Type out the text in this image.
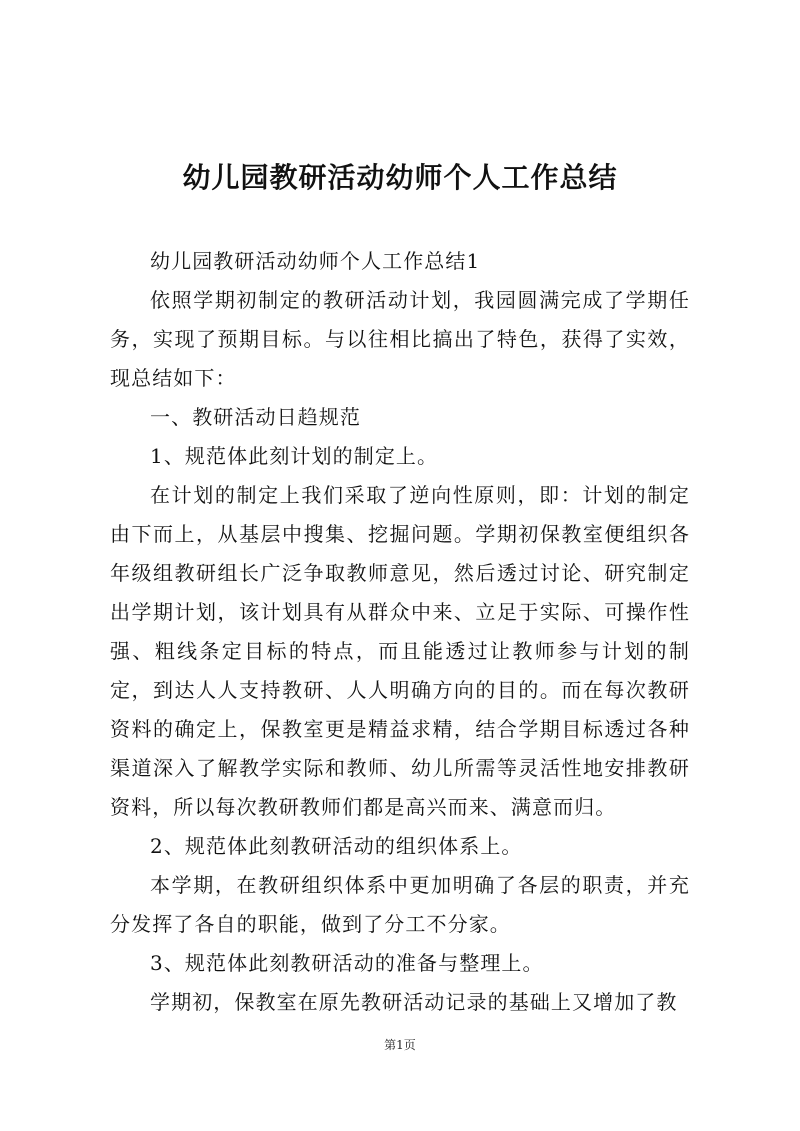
幼儿园教研活动幼师个人工作总结

幼儿园教研活动幼师个人工作总结1

依照学期初制定的教研活动计划，我园圆满完成了学期任务，实现了预期目标。与以往相比搞出了特色，获得了实效，现总结如下：

一、教研活动日趋规范

1、规范体此刻计划的制定上。

在计划的制定上我们采取了逆向性原则，即：计划的制定由下而上，从基层中搜集、挖掘问题。学期初保教室便组织各年级组教研组长广泛争取教师意见，然后透过讨论、研究制定出学期计划，该计划具有从群众中来、立足于实际、可操作性强、粗线条定目标的特点，而且能透过让教师参与计划的制定，到达人人支持教研、人人明确方向的目的。而在每次教研资料的确定上，保教室更是精益求精，结合学期目标透过各种渠道深入了解教学实际和教师、幼儿所需等灵活性地安排教研资料，所以每次教研教师们都是高兴而来、满意而归。

2、规范体此刻教研活动的组织体系上。

本学期，在教研组织体系中更加明确了各层的职责，并充分发挥了各自的职能，做到了分工不分家。

3、规范体此刻教研活动的准备与整理上。

学期初，保教室在原先教研活动记录的基础上又增加了教

第1页
